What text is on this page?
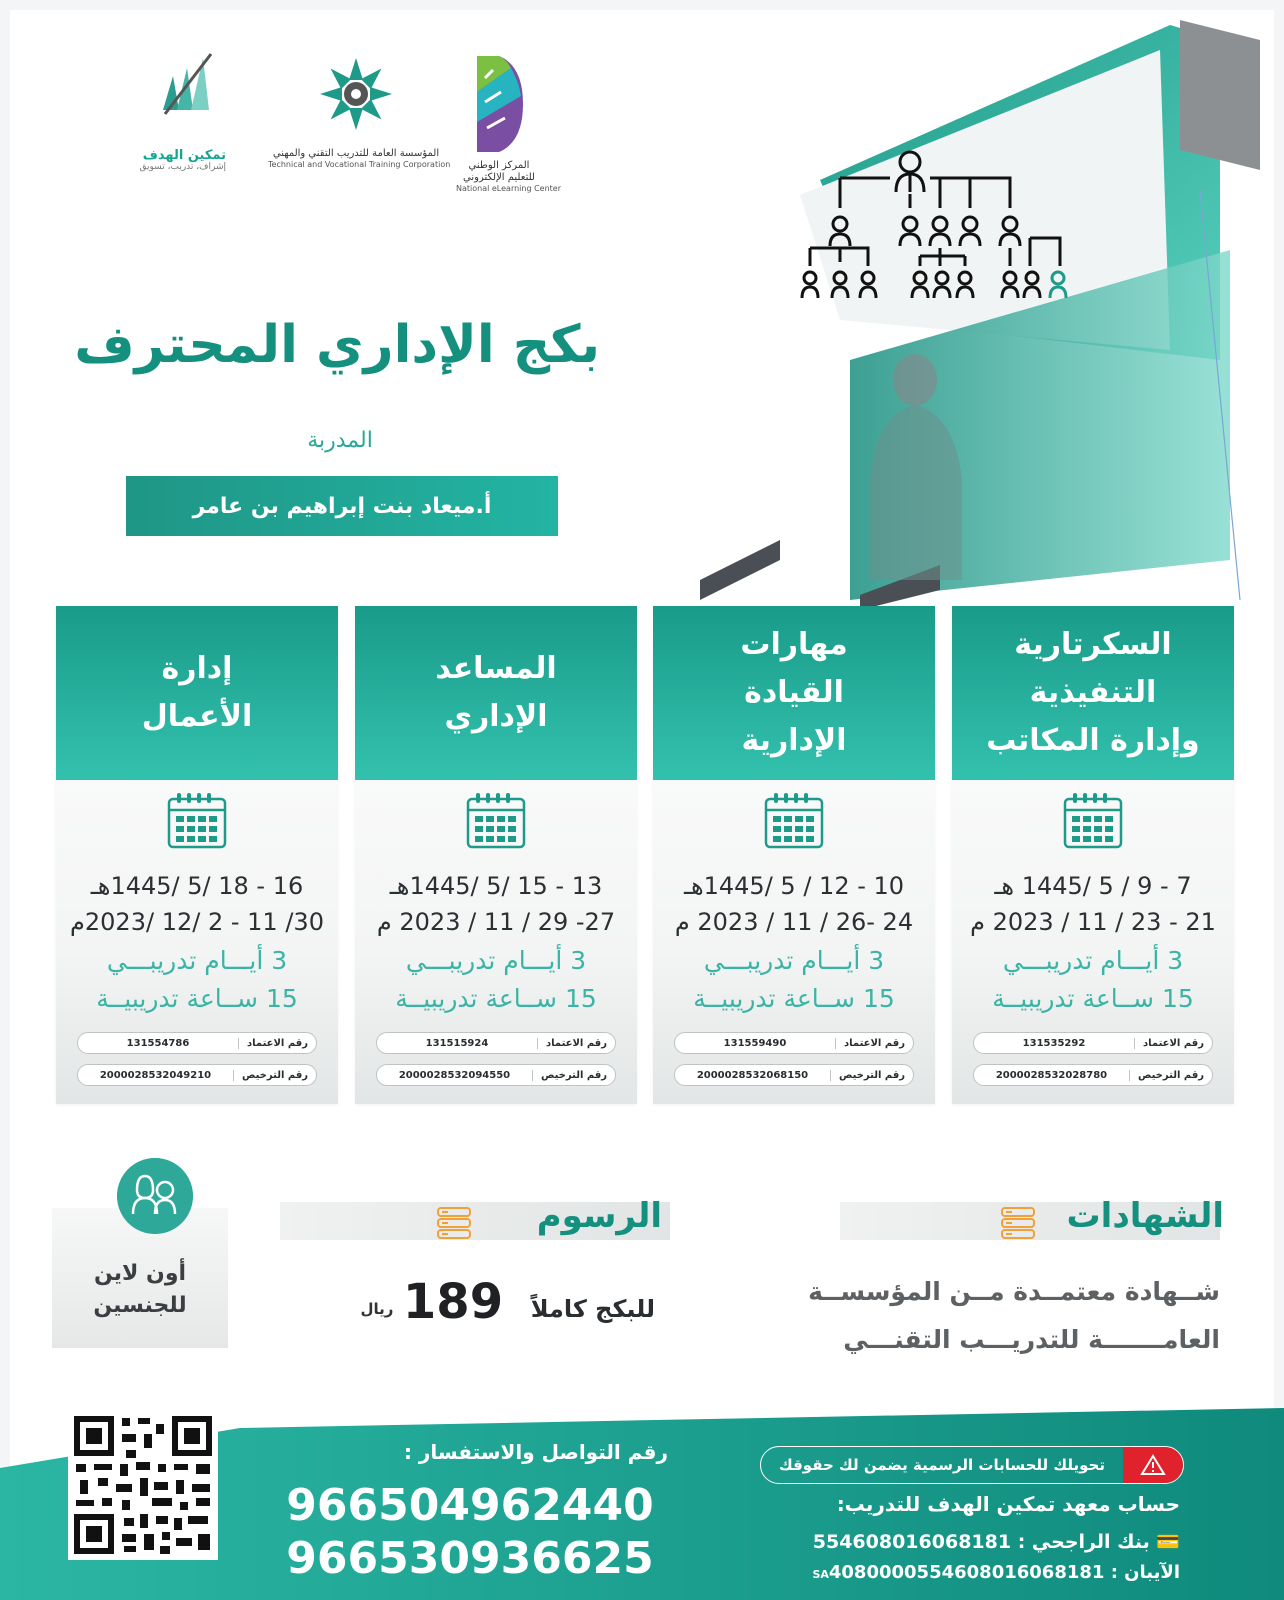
تمكين الهدف
إشراف، تدريب، تسويق
المؤسسة العامة للتدريب التقني والمهني
Technical and Vocational Training Corporation	المركز الوطني
للتعليم الإلكتروني
National eLearning Center
بكج الإداري المحترف
المدربة
أ.ميعاد بنت إبراهيم بن عامر
السكرتارية
التنفيذية
وإدارة المكاتب
7 - 9 / 5 /1445 هـ
21 - 23 / 11 / 2023 م
3 أيـــام تدريبـــي
15 ســاعة تدريبيــة
رقم الاعتماد
131535292
رقم الترخيص
2000028532028780
مهارات
القيادة
الإدارية
10 - 12 / 5 /1445هـ
24 -26 / 11 / 2023 م
3 أيـــام تدريبـــي
15 ســاعة تدريبيــة
رقم الاعتماد
131559490
رقم الترخيص
2000028532068150
المساعد
الإداري
13 - 15 /5 /1445هـ
27- 29 / 11 / 2023 م
3 أيـــام تدريبـــي
15 ســاعة تدريبيــة
رقم الاعتماد
131515924
رقم الترخيص
2000028532094550
إدارة
الأعمال
16 - 18 /5 /1445هـ
30/ 11 - 2 /12 /2023م
3 أيـــام تدريبـــي
15 ســاعة تدريبيــة
رقم الاعتماد
131554786
رقم الترخيص
2000028532049210
الشهادات
شــهادة معتمــدة مــن المؤسســة
العامـــــــة للتدريـــب التقنـــي
الرسوم
للبكج كاملاً
189
ريال
أون لاين
للجنسين
رقم التواصل والاستفسار :
966504962440
966530936625
تحويلك للحسابات الرسمية يضمن لك حقوقك
حساب معهد تمكين الهدف للتدريب:
💳 بنك الراجحي : 554608016068181
الآيبان : SA4080000554608016068181
